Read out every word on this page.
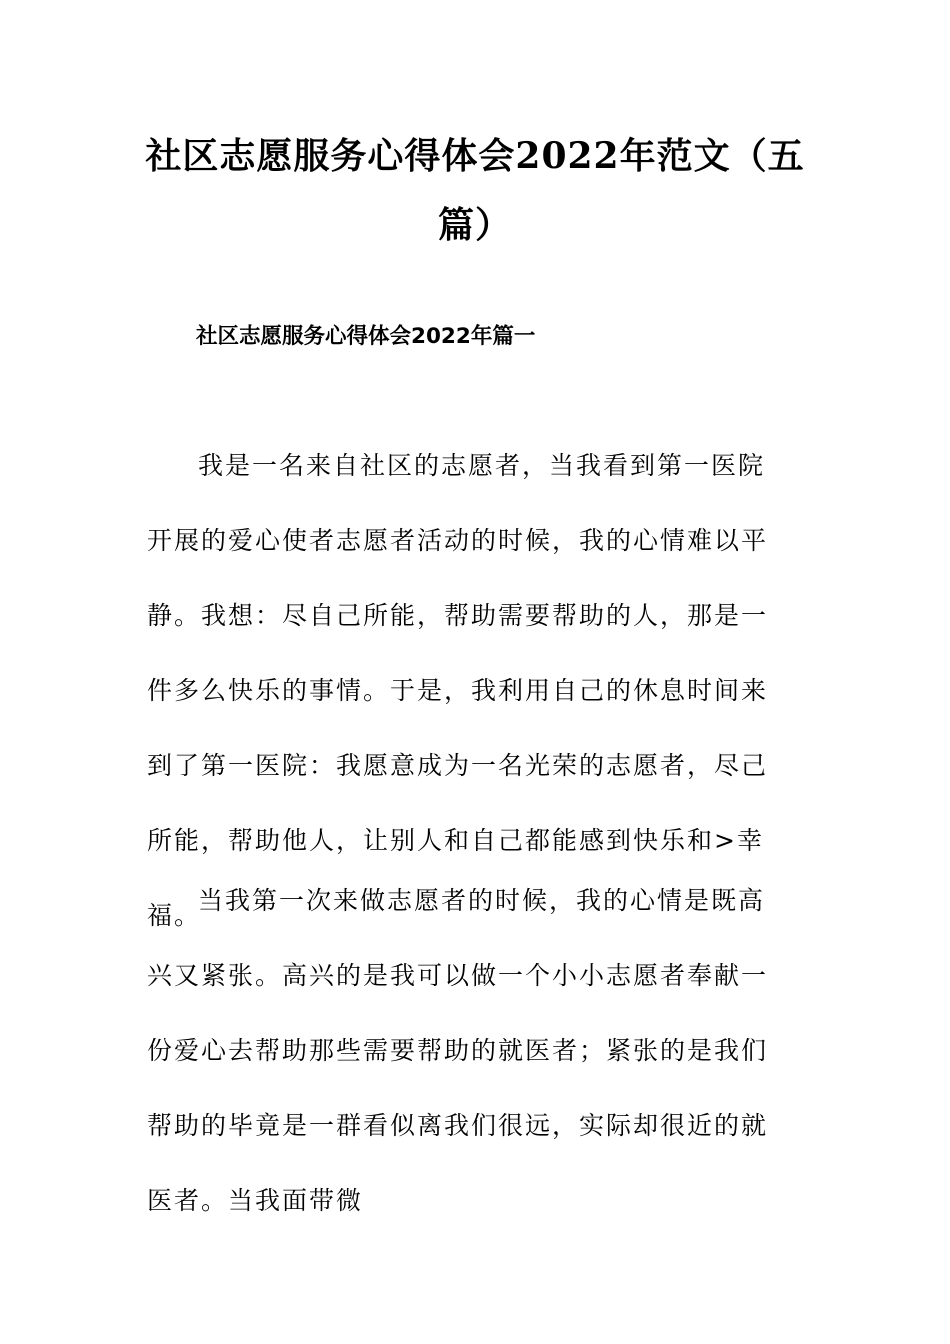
社区志愿服务心得体会2022年范文（五篇）
社区志愿服务心得体会2022年篇一

我是一名来自社区的志愿者，当我看到第一医院开展的爱心使者志愿者活动的时候，我的心情难以平静。我想：尽自己所能，帮助需要帮助的人，那是一件多么快乐的事情。于是，我利用自己的休息时间来到了第一医院：我愿意成为一名光荣的志愿者，尽己所能，帮助他人，让别人和自己都能感到快乐和>幸福。

当我第一次来做志愿者的时候，我的心情是既高兴又紧张。高兴的是我可以做一个小小志愿者奉献一份爱心去帮助那些需要帮助的就医者；紧张的是我们帮助的毕竟是一群看似离我们很远，实际却很近的就医者。当我面带微
